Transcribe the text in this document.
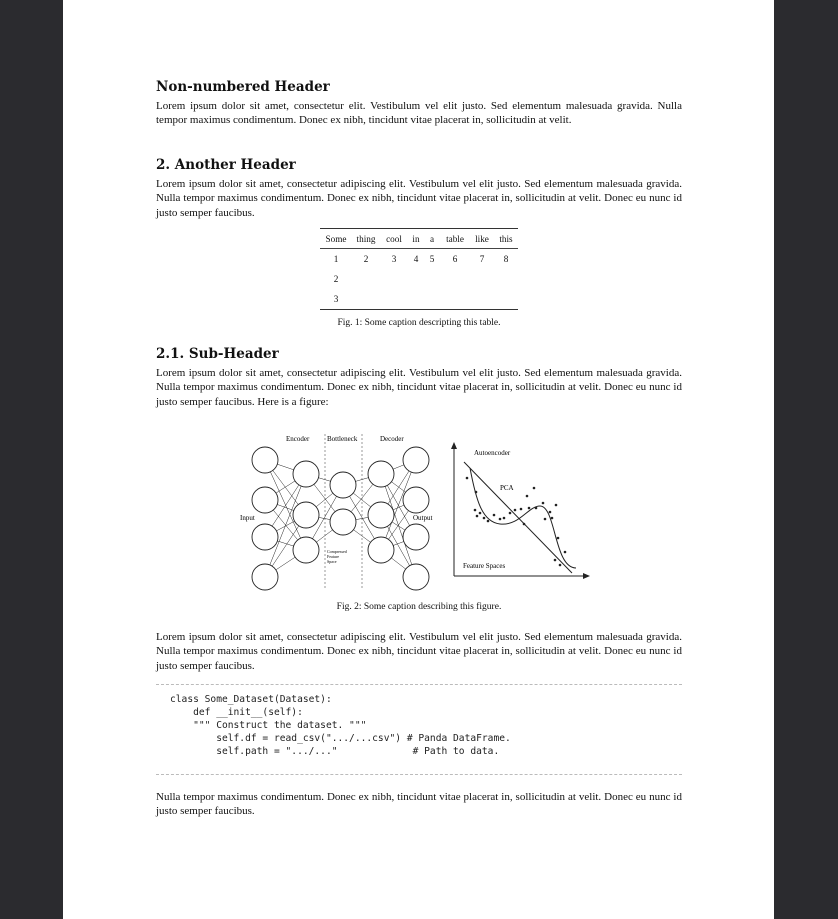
Non-numbered Header
Lorem ipsum dolor sit amet, consectetur elit. Vestibulum vel elit justo. Sed elementum malesuada gravida. Nulla tempor maximus condimentum. Donec ex nibh, tincidunt vitae placerat in, sollicitudin at velit.
2. Another Header
Lorem ipsum dolor sit amet, consectetur adipiscing elit. Vestibulum vel elit justo. Sed elementum malesuada gravida. Nulla tempor maximus condimentum. Donec ex nibh, tincidunt vitae placerat in, sollicitudin at velit. Donec eu nunc id justo semper faucibus.
Some	thing	cool	in	a	table	like	this
1	2	3	4	5	6	7	8
2
3
Fig. 1: Some caption descripting this table.
2.1. Sub-Header
Lorem ipsum dolor sit amet, consectetur adipiscing elit. Vestibulum vel elit justo. Sed elementum malesuada gravida. Nulla tempor maximus condimentum. Donec ex nibh, tincidunt vitae placerat in, sollicitudin at velit. Donec eu nunc id justo semper faucibus. Here is a figure:
Encoder	Bottleneck	Decoder
Input	Output
Compressed
Feature
Space
Autoencoder
PCA
Feature Spaces
Fig. 2: Some caption describing this figure.
Lorem ipsum dolor sit amet, consectetur adipiscing elit. Vestibulum vel elit justo. Sed elementum malesuada gravida. Nulla tempor maximus condimentum. Donec ex nibh, tincidunt vitae placerat in, sollicitudin at velit. Donec eu nunc id justo semper faucibus.
class Some_Dataset(Dataset):
def __init__(self):
""" Construct the dataset. """
self.df = read_csv(".../...csv") # Panda DataFrame.
self.path = ".../..."             # Path to data.
Nulla tempor maximus condimentum. Donec ex nibh, tincidunt vitae placerat in, sollicitudin at velit. Donec eu nunc id justo semper faucibus.
